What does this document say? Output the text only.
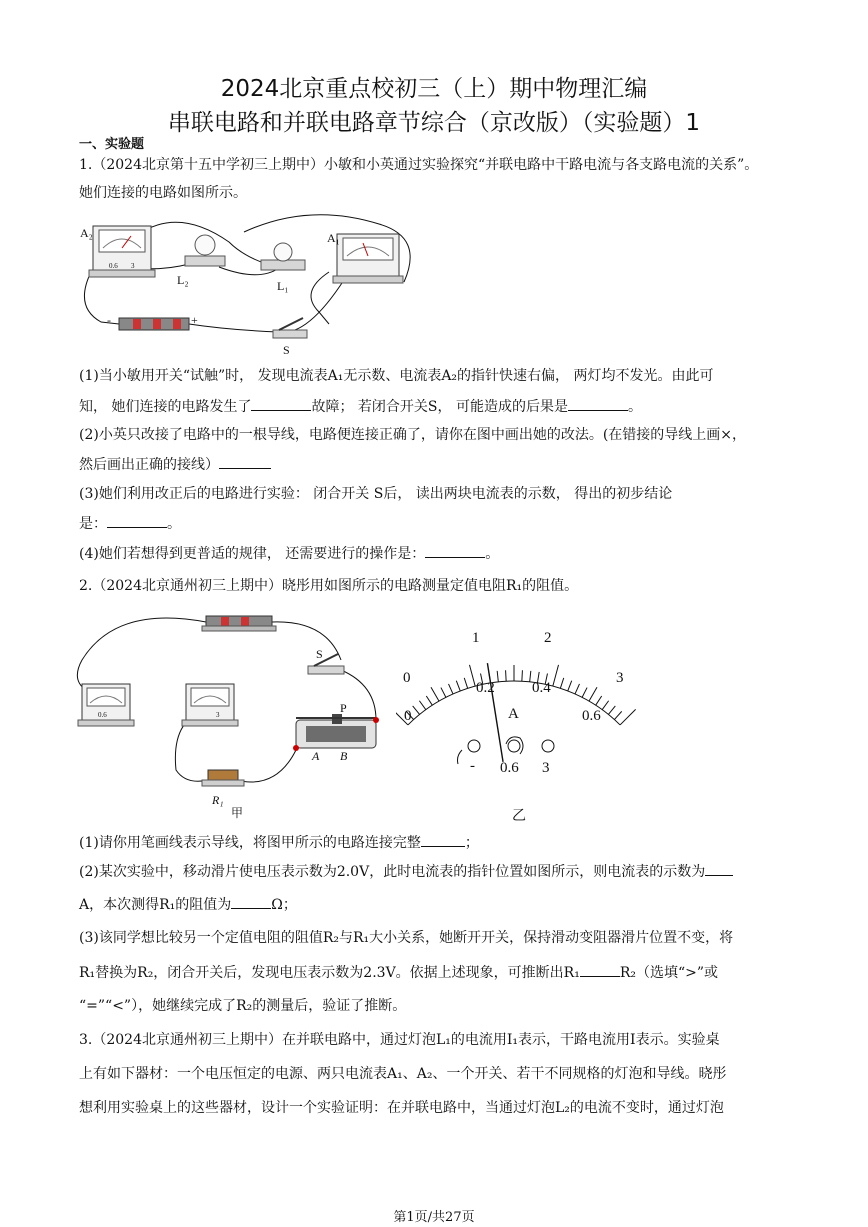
2024北京重点校初三（上）期中物理汇编
串联电路和并联电路章节综合（京改版）（实验题）1
一、实验题
1.（2024北京第十五中学初三上期中）小敏和小英通过实验探究“并联电路中干路电流与各支路电流的关系”。
她们连接的电路如图所示。
A₂
0.6 3
L₂	L₁
A₁
-	+
S
(1)当小敏用开关“试触”时， 发现电流表A₁无示数、电流表A₂的指针快速右偏， 两灯均不发光。由此可
知， 她们连接的电路发生了	故障； 若闭合开关S， 可能造成的后果是	。
(2)小英只改接了电路中的一根导线，电路便连接正确了，请你在图中画出她的改法。(在错接的导线上画×，
然后画出正确的接线）
(3)她们利用改正后的电路进行实验： 闭合开关 S后， 读出两块电流表的示数， 得出的初步结论
是：	。
(4)她们若想得到更普适的规律， 还需要进行的操作是：	。
2.（2024北京通州初三上期中）晓彤用如图所示的电路测量定值电阻R₁的阻值。
S
0.6	3	P
A B
R₁
甲
0
1	2
3
0
0.2 0.4
0.6
A
- 0.6 3
乙
(1)请你用笔画线表示导线，将图甲所示的电路连接完整	；
(2)某次实验中，移动滑片使电压表示数为2.0V，此时电流表的指针位置如图所示，则电流表的示数为
A，本次测得R₁的阻值为	Ω；
(3)该同学想比较另一个定值电阻的阻值R₂与R₁大小关系，她断开开关，保持滑动变阻器滑片位置不变，将
R₁替换为R₂，闭合开关后，发现电压表示数为2.3V。依据上述现象，可推断出R₁	R₂（选填“>”或
“=”“<”），她继续完成了R₂的测量后，验证了推断。
3.（2024北京通州初三上期中）在并联电路中，通过灯泡L₁的电流用I₁表示，干路电流用I表示。实验桌
上有如下器材：一个电压恒定的电源、两只电流表A₁、A₂、一个开关、若干不同规格的灯泡和导线。晓彤
想利用实验桌上的这些器材，设计一个实验证明：在并联电路中，当通过灯泡L₂的电流不变时，通过灯泡
第1页/共27页
